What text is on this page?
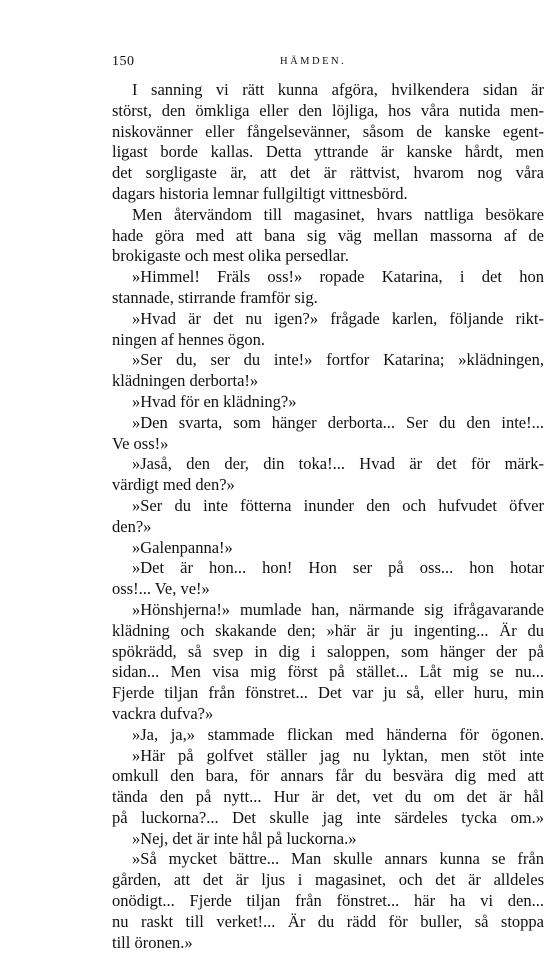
150	HÄMDEN.
I sanning vi rätt kunna afgöra, hvilkendera sidan är
störst, den ömkliga eller den löjliga, hos våra nutida men-
niskovänner eller fångelsevänner, såsom de kanske egent-
ligast borde kallas. Detta yttrande är kanske hårdt, men
det sorgligaste är, att det är rättvist, hvarom nog våra
dagars historia lemnar fullgiltigt vittnesbörd.
Men återvändom till magasinet, hvars nattliga besökare
hade göra med att bana sig väg mellan massorna af de
brokigaste och mest olika persedlar.
»Himmel! Fräls oss!» ropade Katarina, i det hon
stannade, stirrande framför sig.
»Hvad är det nu igen?» frågade karlen, följande rikt-
ningen af hennes ögon.
»Ser du, ser du inte!» fortfor Katarina; »klädningen,
klädningen derborta!»
»Hvad för en klädning?»
»Den svarta, som hänger derborta... Ser du den inte!...
Ve oss!»
»Jaså, den der, din toka!... Hvad är det för märk-
värdigt med den?»
»Ser du inte fötterna inunder den och hufvudet öfver
den?»
»Galenpanna!»
»Det är hon... hon! Hon ser på oss... hon hotar
oss!... Ve, ve!»
»Hönshjerna!» mumlade han, närmande sig ifrågavarande
klädning och skakande den; »här är ju ingenting... Är du
spökrädd, så svep in dig i saloppen, som hänger der på
sidan... Men visa mig först på stället... Låt mig se nu...
Fjerde tiljan från fönstret... Det var ju så, eller huru, min
vackra dufva?»
»Ja, ja,» stammade flickan med händerna för ögonen.
»Här på golfvet ställer jag nu lyktan, men stöt inte
omkull den bara, för annars får du besvära dig med att
tända den på nytt... Hur är det, vet du om det är hål
på luckorna?... Det skulle jag inte särdeles tycka om.»
»Nej, det är inte hål på luckorna.»
»Så mycket bättre... Man skulle annars kunna se från
gården, att det är ljus i magasinet, och det är alldeles
onödigt... Fjerde tiljan från fönstret... här ha vi den...
nu raskt till verket!... Är du rädd för buller, så stoppa
till öronen.»
